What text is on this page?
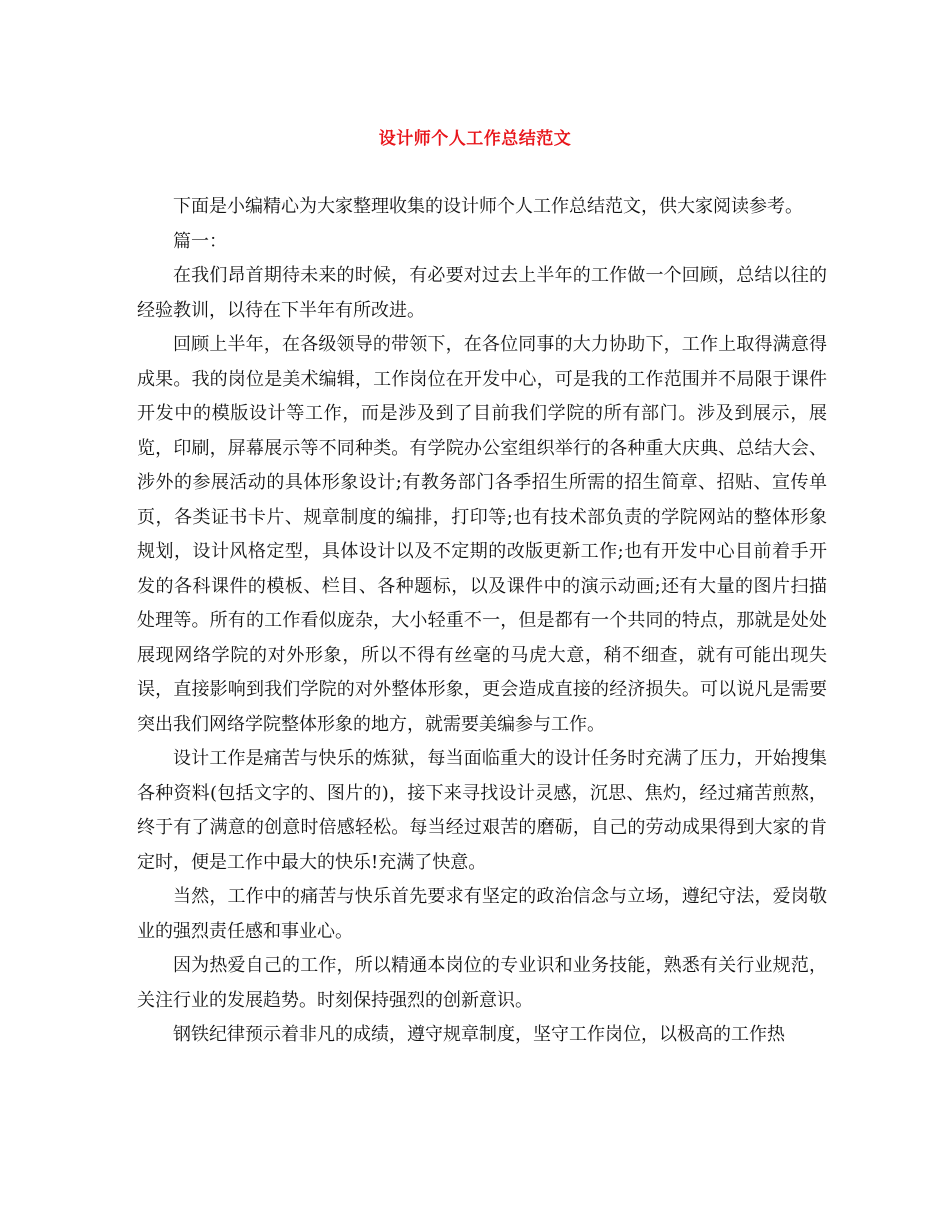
设计师个人工作总结范文

下面是小编精心为大家整理收集的设计师个人工作总结范文，供大家阅读参考。

篇一：

在我们昂首期待未来的时候，有必要对过去上半年的工作做一个回顾，总结以往的经验教训，以待在下半年有所改进。

回顾上半年，在各级领导的带领下，在各位同事的大力协助下，工作上取得满意得成果。我的岗位是美术编辑，工作岗位在开发中心，可是我的工作范围并不局限于课件开发中的模版设计等工作，而是涉及到了目前我们学院的所有部门。涉及到展示，展览，印刷，屏幕展示等不同种类。有学院办公室组织举行的各种重大庆典、总结大会、涉外的参展活动的具体形象设计;有教务部门各季招生所需的招生简章、招贴、宣传单页，各类证书卡片、规章制度的编排，打印等;也有技术部负责的学院网站的整体形象规划，设计风格定型，具体设计以及不定期的改版更新工作;也有开发中心目前着手开发的各科课件的模板、栏目、各种题标，以及课件中的演示动画;还有大量的图片扫描处理等。所有的工作看似庞杂，大小轻重不一，但是都有一个共同的特点，那就是处处展现网络学院的对外形象，所以不得有丝毫的马虎大意，稍不细查，就有可能出现失误，直接影响到我们学院的对外整体形象，更会造成直接的经济损失。可以说凡是需要突出我们网络学院整体形象的地方，就需要美编参与工作。

设计工作是痛苦与快乐的炼狱，每当面临重大的设计任务时充满了压力，开始搜集各种资料(包括文字的、图片的)，接下来寻找设计灵感，沉思、焦灼，经过痛苦煎熬，终于有了满意的创意时倍感轻松。每当经过艰苦的磨砺，自己的劳动成果得到大家的肯定时，便是工作中最大的快乐!充满了快意。

当然，工作中的痛苦与快乐首先要求有坚定的政治信念与立场，遵纪守法，爱岗敬业的强烈责任感和事业心。

因为热爱自己的工作，所以精通本岗位的专业识和业务技能，熟悉有关行业规范，关注行业的发展趋势。时刻保持强烈的创新意识。

钢铁纪律预示着非凡的成绩，遵守规章制度，坚守工作岗位，以极高的工作热
